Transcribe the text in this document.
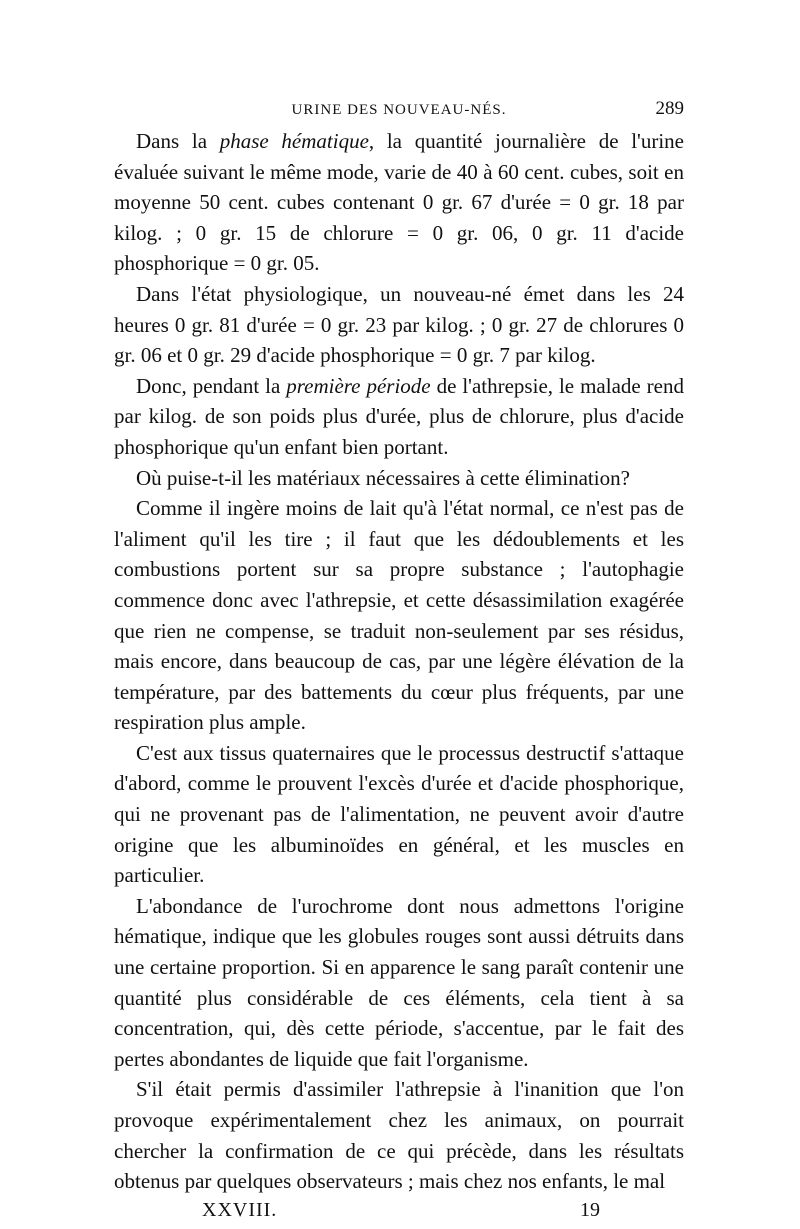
URINE DES NOUVEAU-NÉS.	289

Dans la phase hématique, la quantité journalière de l'urine évaluée suivant le même mode, varie de 40 à 60 cent. cubes, soit en moyenne 50 cent. cubes contenant 0 gr. 67 d'urée = 0 gr. 18 par kilog. ; 0 gr. 15 de chlorure = 0 gr. 06, 0 gr. 11 d'acide phosphorique = 0 gr. 05.

Dans l'état physiologique, un nouveau-né émet dans les 24 heures 0 gr. 81 d'urée = 0 gr. 23 par kilog. ; 0 gr. 27 de chlorures 0 gr. 06 et 0 gr. 29 d'acide phosphorique = 0 gr. 7 par kilog.

Donc, pendant la première période de l'athrepsie, le malade rend par kilog. de son poids plus d'urée, plus de chlorure, plus d'acide phosphorique qu'un enfant bien portant.

Où puise-t-il les matériaux nécessaires à cette élimination?

Comme il ingère moins de lait qu'à l'état normal, ce n'est pas de l'aliment qu'il les tire ; il faut que les dédoublements et les combustions portent sur sa propre substance ; l'autophagie commence donc avec l'athrepsie, et cette désassimilation exagérée que rien ne compense, se traduit non-seulement par ses résidus, mais encore, dans beaucoup de cas, par une légère élévation de la température, par des battements du cœur plus fréquents, par une respiration plus ample.

C'est aux tissus quaternaires que le processus destructif s'attaque d'abord, comme le prouvent l'excès d'urée et d'acide phosphorique, qui ne provenant pas de l'alimentation, ne peuvent avoir d'autre origine que les albuminoïdes en général, et les muscles en particulier.

L'abondance de l'urochrome dont nous admettons l'origine hématique, indique que les globules rouges sont aussi détruits dans une certaine proportion. Si en apparence le sang paraît contenir une quantité plus considérable de ces éléments, cela tient à sa concentration, qui, dès cette période, s'accentue, par le fait des pertes abondantes de liquide que fait l'organisme.

S'il était permis d'assimiler l'athrepsie à l'inanition que l'on provoque expérimentalement chez les animaux, on pourrait chercher la confirmation de ce qui précède, dans les résultats obtenus par quelques observateurs ; mais chez nos enfants, le mal

XXVIII.	19
